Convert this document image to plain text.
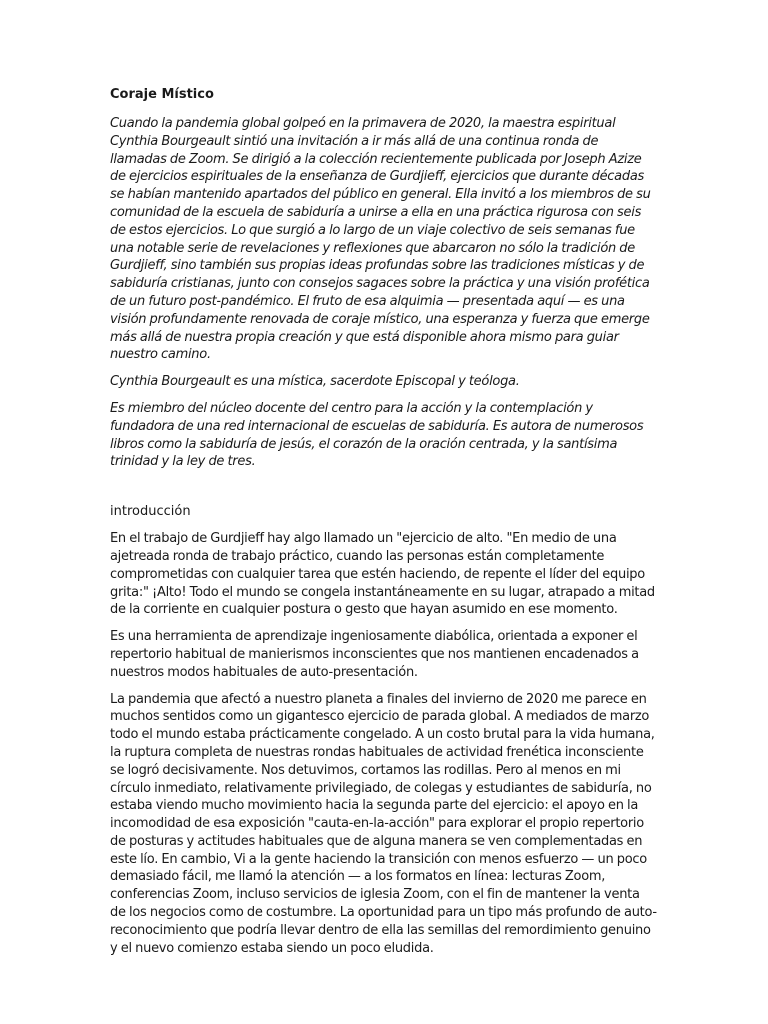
Coraje Místico

Cuando la pandemia global golpeó en la primavera de 2020, la maestra espiritual Cynthia Bourgeault sintió una invitación a ir más allá de una continua ronda de llamadas de Zoom. Se dirigió a la colección recientemente publicada por Joseph Azize de ejercicios espirituales de la enseñanza de Gurdjieff, ejercicios que durante décadas se habían mantenido apartados del público en general. Ella invitó a los miembros de su comunidad de la escuela de sabiduría a unirse a ella en una práctica rigurosa con seis de estos ejercicios. Lo que surgió a lo largo de un viaje colectivo de seis semanas fue una notable serie de revelaciones y reflexiones que abarcaron no sólo la tradición de Gurdjieff, sino también sus propias ideas profundas sobre las tradiciones místicas y de sabiduría cristianas, junto con consejos sagaces sobre la práctica y una visión profética de un futuro post-pandémico. El fruto de esa alquimia — presentada aquí — es una visión profundamente renovada de coraje místico, una esperanza y fuerza que emerge más allá de nuestra propia creación y que está disponible ahora mismo para guiar nuestro camino.

Cynthia Bourgeault es una mística, sacerdote Episcopal y teóloga.

Es miembro del núcleo docente del centro para la acción y la contemplación y fundadora de una red internacional de escuelas de sabiduría. Es autora de numerosos libros como la sabiduría de jesús, el corazón de la oración centrada, y la santísima trinidad y la ley de tres.

introducción

En el trabajo de Gurdjieff hay algo llamado un "ejercicio de alto. "En medio de una ajetreada ronda de trabajo práctico, cuando las personas están completamente comprometidas con cualquier tarea que estén haciendo, de repente el líder del equipo grita:" ¡Alto! Todo el mundo se congela instantáneamente en su lugar, atrapado a mitad de la corriente en cualquier postura o gesto que hayan asumido en ese momento.

Es una herramienta de aprendizaje ingeniosamente diabólica, orientada a exponer el repertorio habitual de manierismos inconscientes que nos mantienen encadenados a nuestros modos habituales de auto-presentación.

La pandemia que afectó a nuestro planeta a finales del invierno de 2020 me parece en muchos sentidos como un gigantesco ejercicio de parada global. A mediados de marzo todo el mundo estaba prácticamente congelado. A un costo brutal para la vida humana, la ruptura completa de nuestras rondas habituales de actividad frenética inconsciente se logró decisivamente. Nos detuvimos, cortamos las rodillas. Pero al menos en mi círculo inmediato, relativamente privilegiado, de colegas y estudiantes de sabiduría, no estaba viendo mucho movimiento hacia la segunda parte del ejercicio: el apoyo en la incomodidad de esa exposición "cauta-en-la-acción" para explorar el propio repertorio de posturas y actitudes habituales que de alguna manera se ven complementadas en este lío. En cambio, Vi a la gente haciendo la transición con menos esfuerzo — un poco demasiado fácil, me llamó la atención — a los formatos en línea: lecturas Zoom, conferencias Zoom, incluso servicios de iglesia Zoom, con el fin de mantener la venta de los negocios como de costumbre. La oportunidad para un tipo más profundo de auto-reconocimiento que podría llevar dentro de ella las semillas del remordimiento genuino y el nuevo comienzo estaba siendo un poco eludida.
